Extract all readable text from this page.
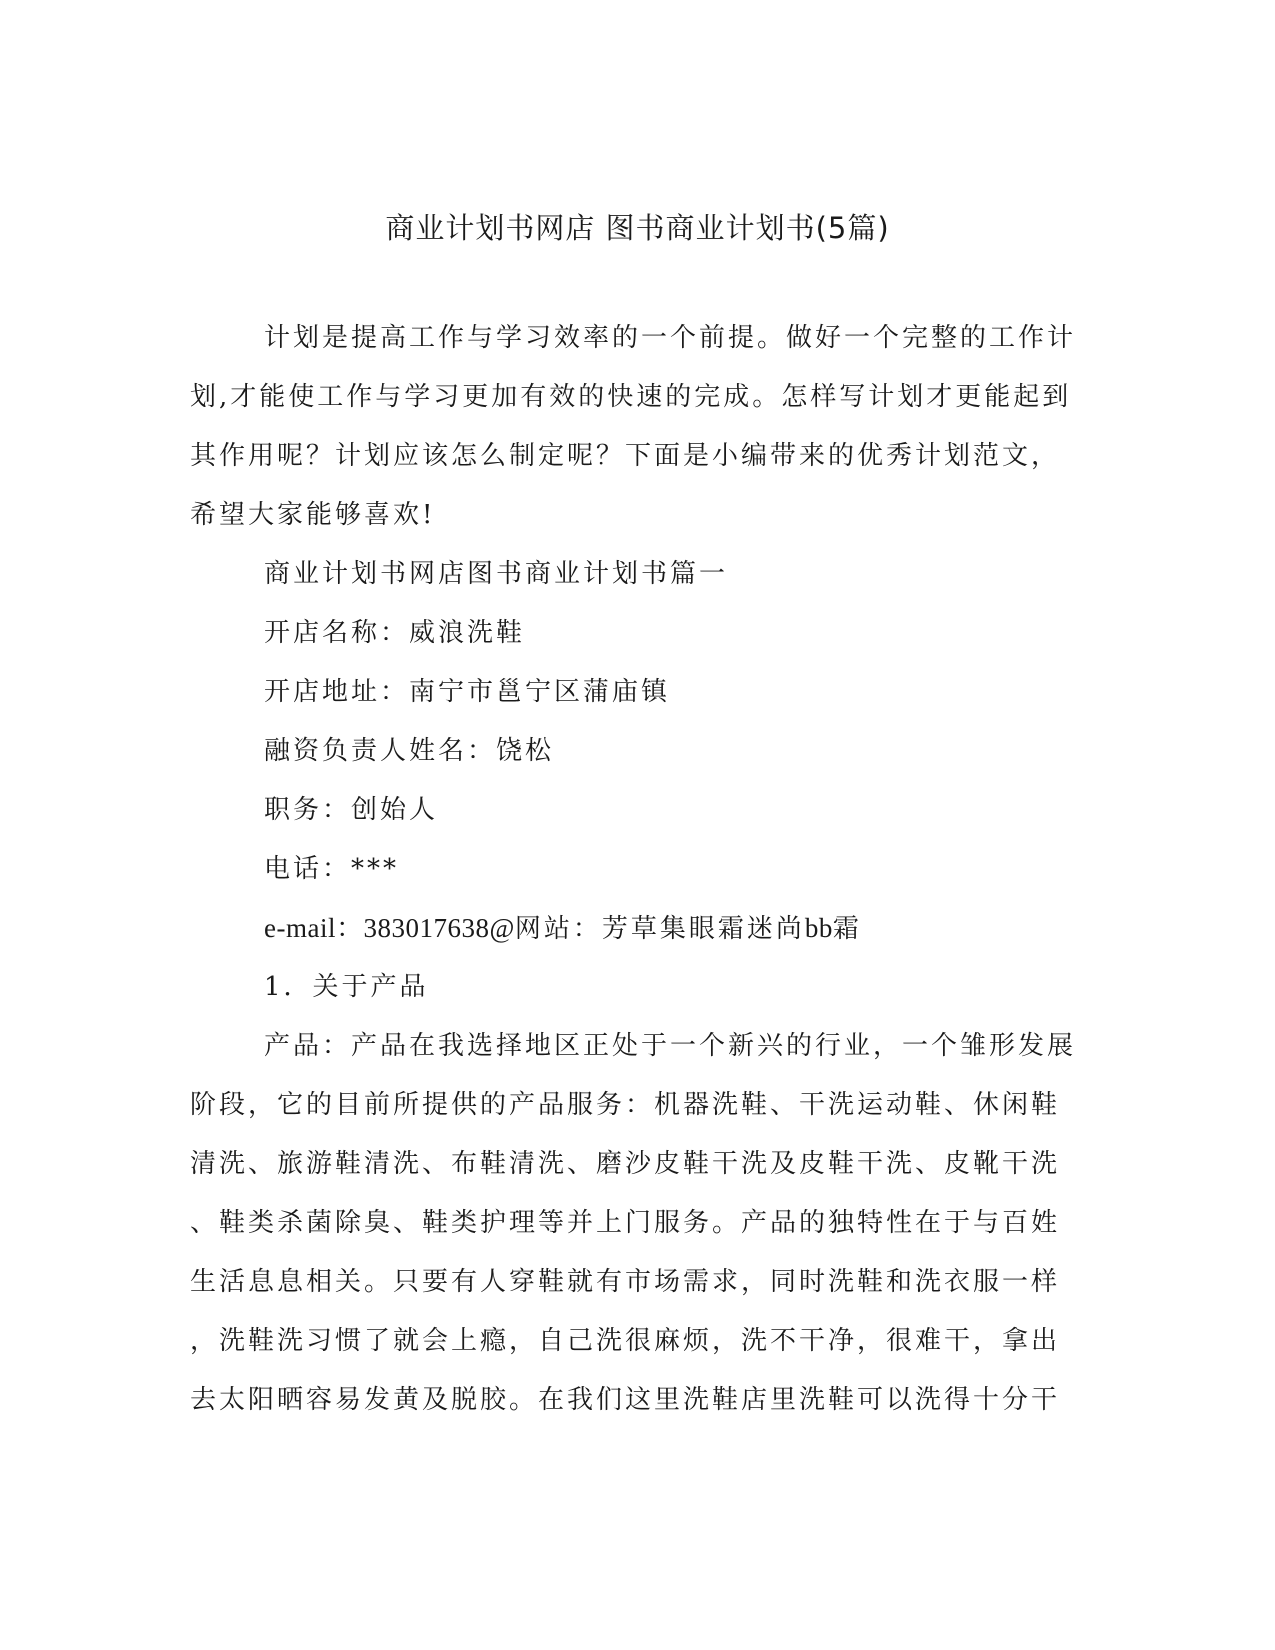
商业计划书网店 图书商业计划书(5篇)
计划是提高工作与学习效率的一个前提。做好一个完整的工作计
划,才能使工作与学习更加有效的快速的完成。怎样写计划才更能起到
其作用呢？计划应该怎么制定呢？下面是小编带来的优秀计划范文，
希望大家能够喜欢!
商业计划书网店图书商业计划书篇一
开店名称：威浪洗鞋
开店地址：南宁市邕宁区蒲庙镇
融资负责人姓名：饶松
职务：创始人
电话：***
e-mail：383017638@网站：芳草集眼霜迷尚bb霜
1．关于产品
产品：产品在我选择地区正处于一个新兴的行业，一个雏形发展
阶段，它的目前所提供的产品服务：机器洗鞋、干洗运动鞋、休闲鞋
清洗、旅游鞋清洗、布鞋清洗、磨沙皮鞋干洗及皮鞋干洗、皮靴干洗
、鞋类杀菌除臭、鞋类护理等并上门服务。产品的独特性在于与百姓
生活息息相关。只要有人穿鞋就有市场需求，同时洗鞋和洗衣服一样
，洗鞋洗习惯了就会上瘾，自己洗很麻烦，洗不干净，很难干，拿出
去太阳晒容易发黄及脱胶。在我们这里洗鞋店里洗鞋可以洗得十分干
